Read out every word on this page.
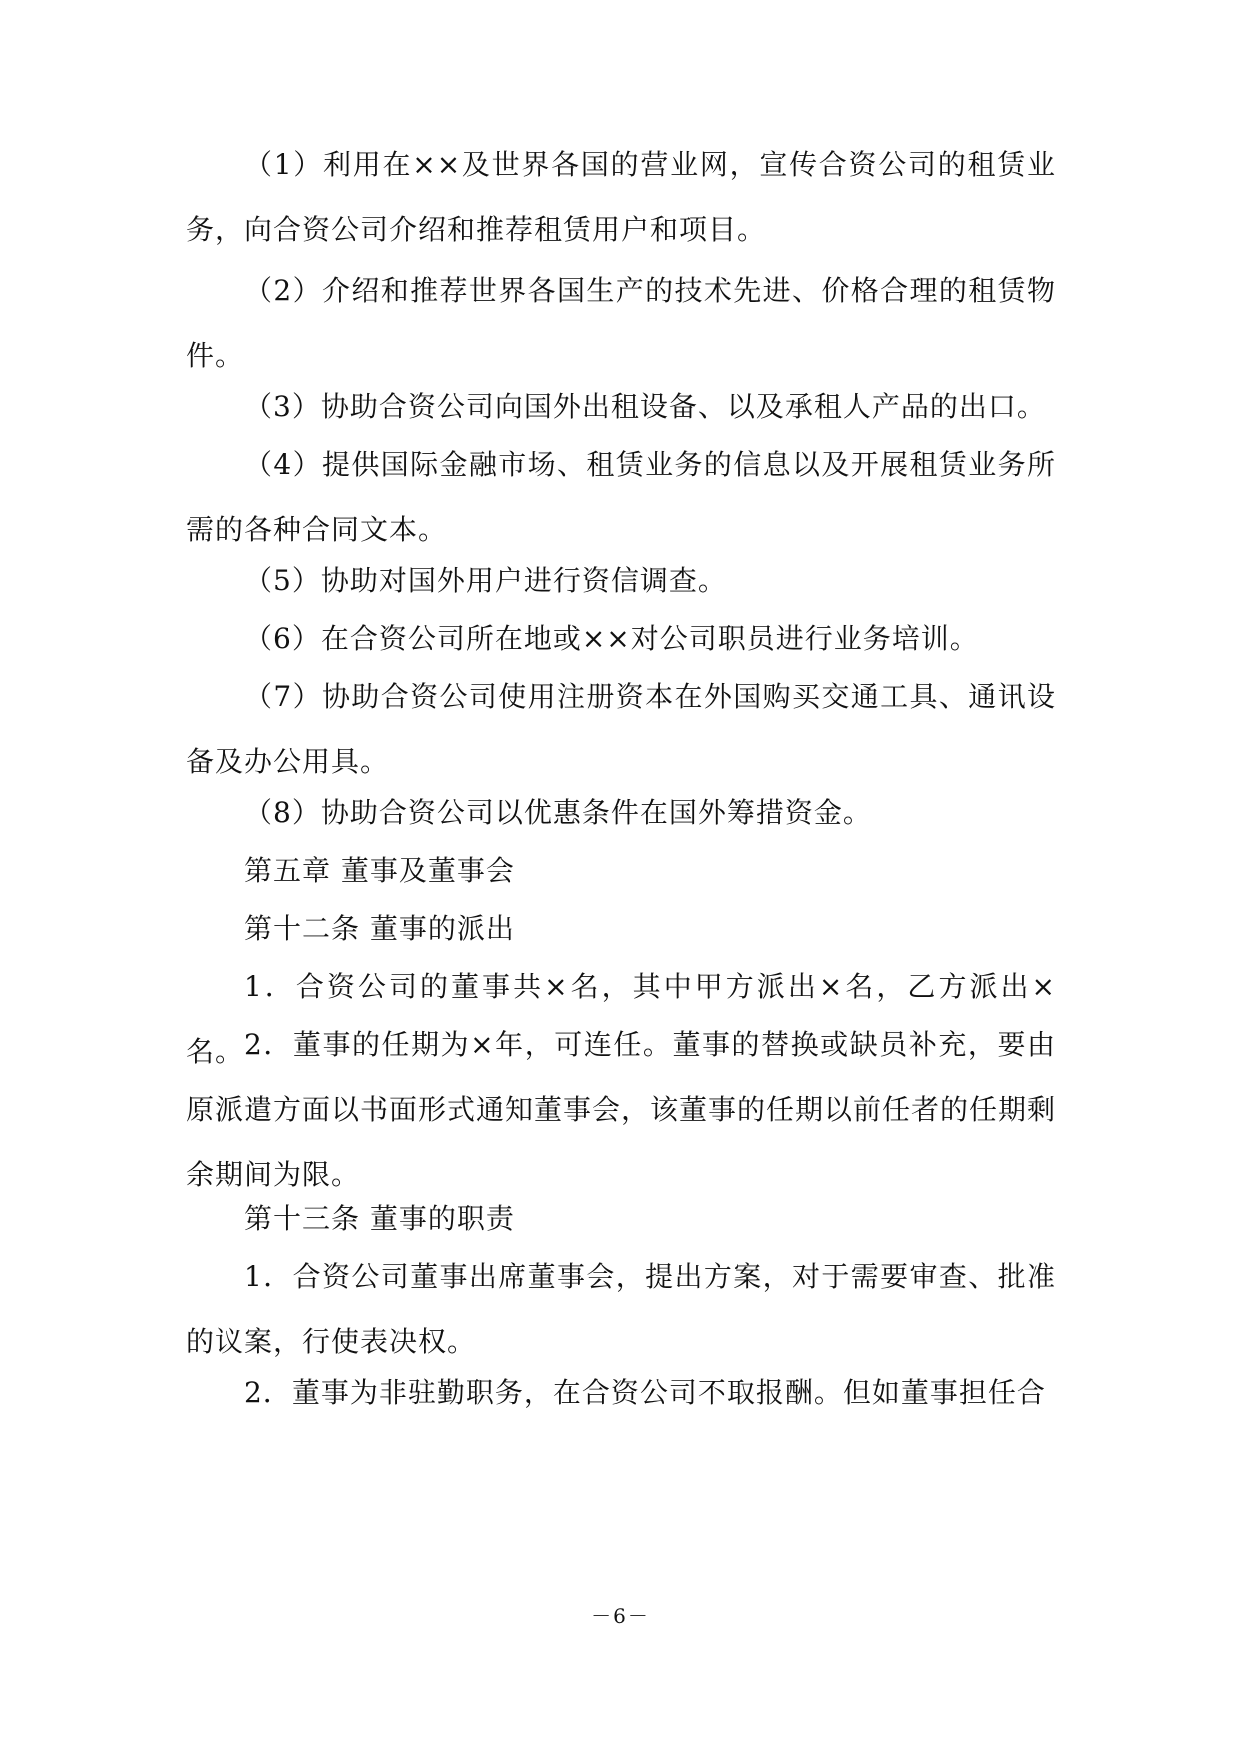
（1）利用在××及世界各国的营业网，宣传合资公司的租赁业务，向合资公司介绍和推荐租赁用户和项目。
（2）介绍和推荐世界各国生产的技术先进、价格合理的租赁物件。
（3）协助合资公司向国外出租设备、以及承租人产品的出口。
（4）提供国际金融市场、租赁业务的信息以及开展租赁业务所需的各种合同文本。
（5）协助对国外用户进行资信调查。
（6）在合资公司所在地或××对公司职员进行业务培训。
（7）协助合资公司使用注册资本在外国购买交通工具、通讯设备及办公用具。
（8）协助合资公司以优惠条件在国外筹措资金。
第五章 董事及董事会
第十二条 董事的派出
1．合资公司的董事共×名，其中甲方派出×名，乙方派出×名。 2．董事的任期为×年，可连任。董事的替换或缺员补充，要由原派遣方面以书面形式通知董事会，该董事的任期以前任者的任期剩余期间为限。
第十三条 董事的职责
1．合资公司董事出席董事会，提出方案，对于需要审查、批准的议案，行使表决权。
2．董事为非驻勤职务，在合资公司不取报酬。但如董事担任合
－6－
